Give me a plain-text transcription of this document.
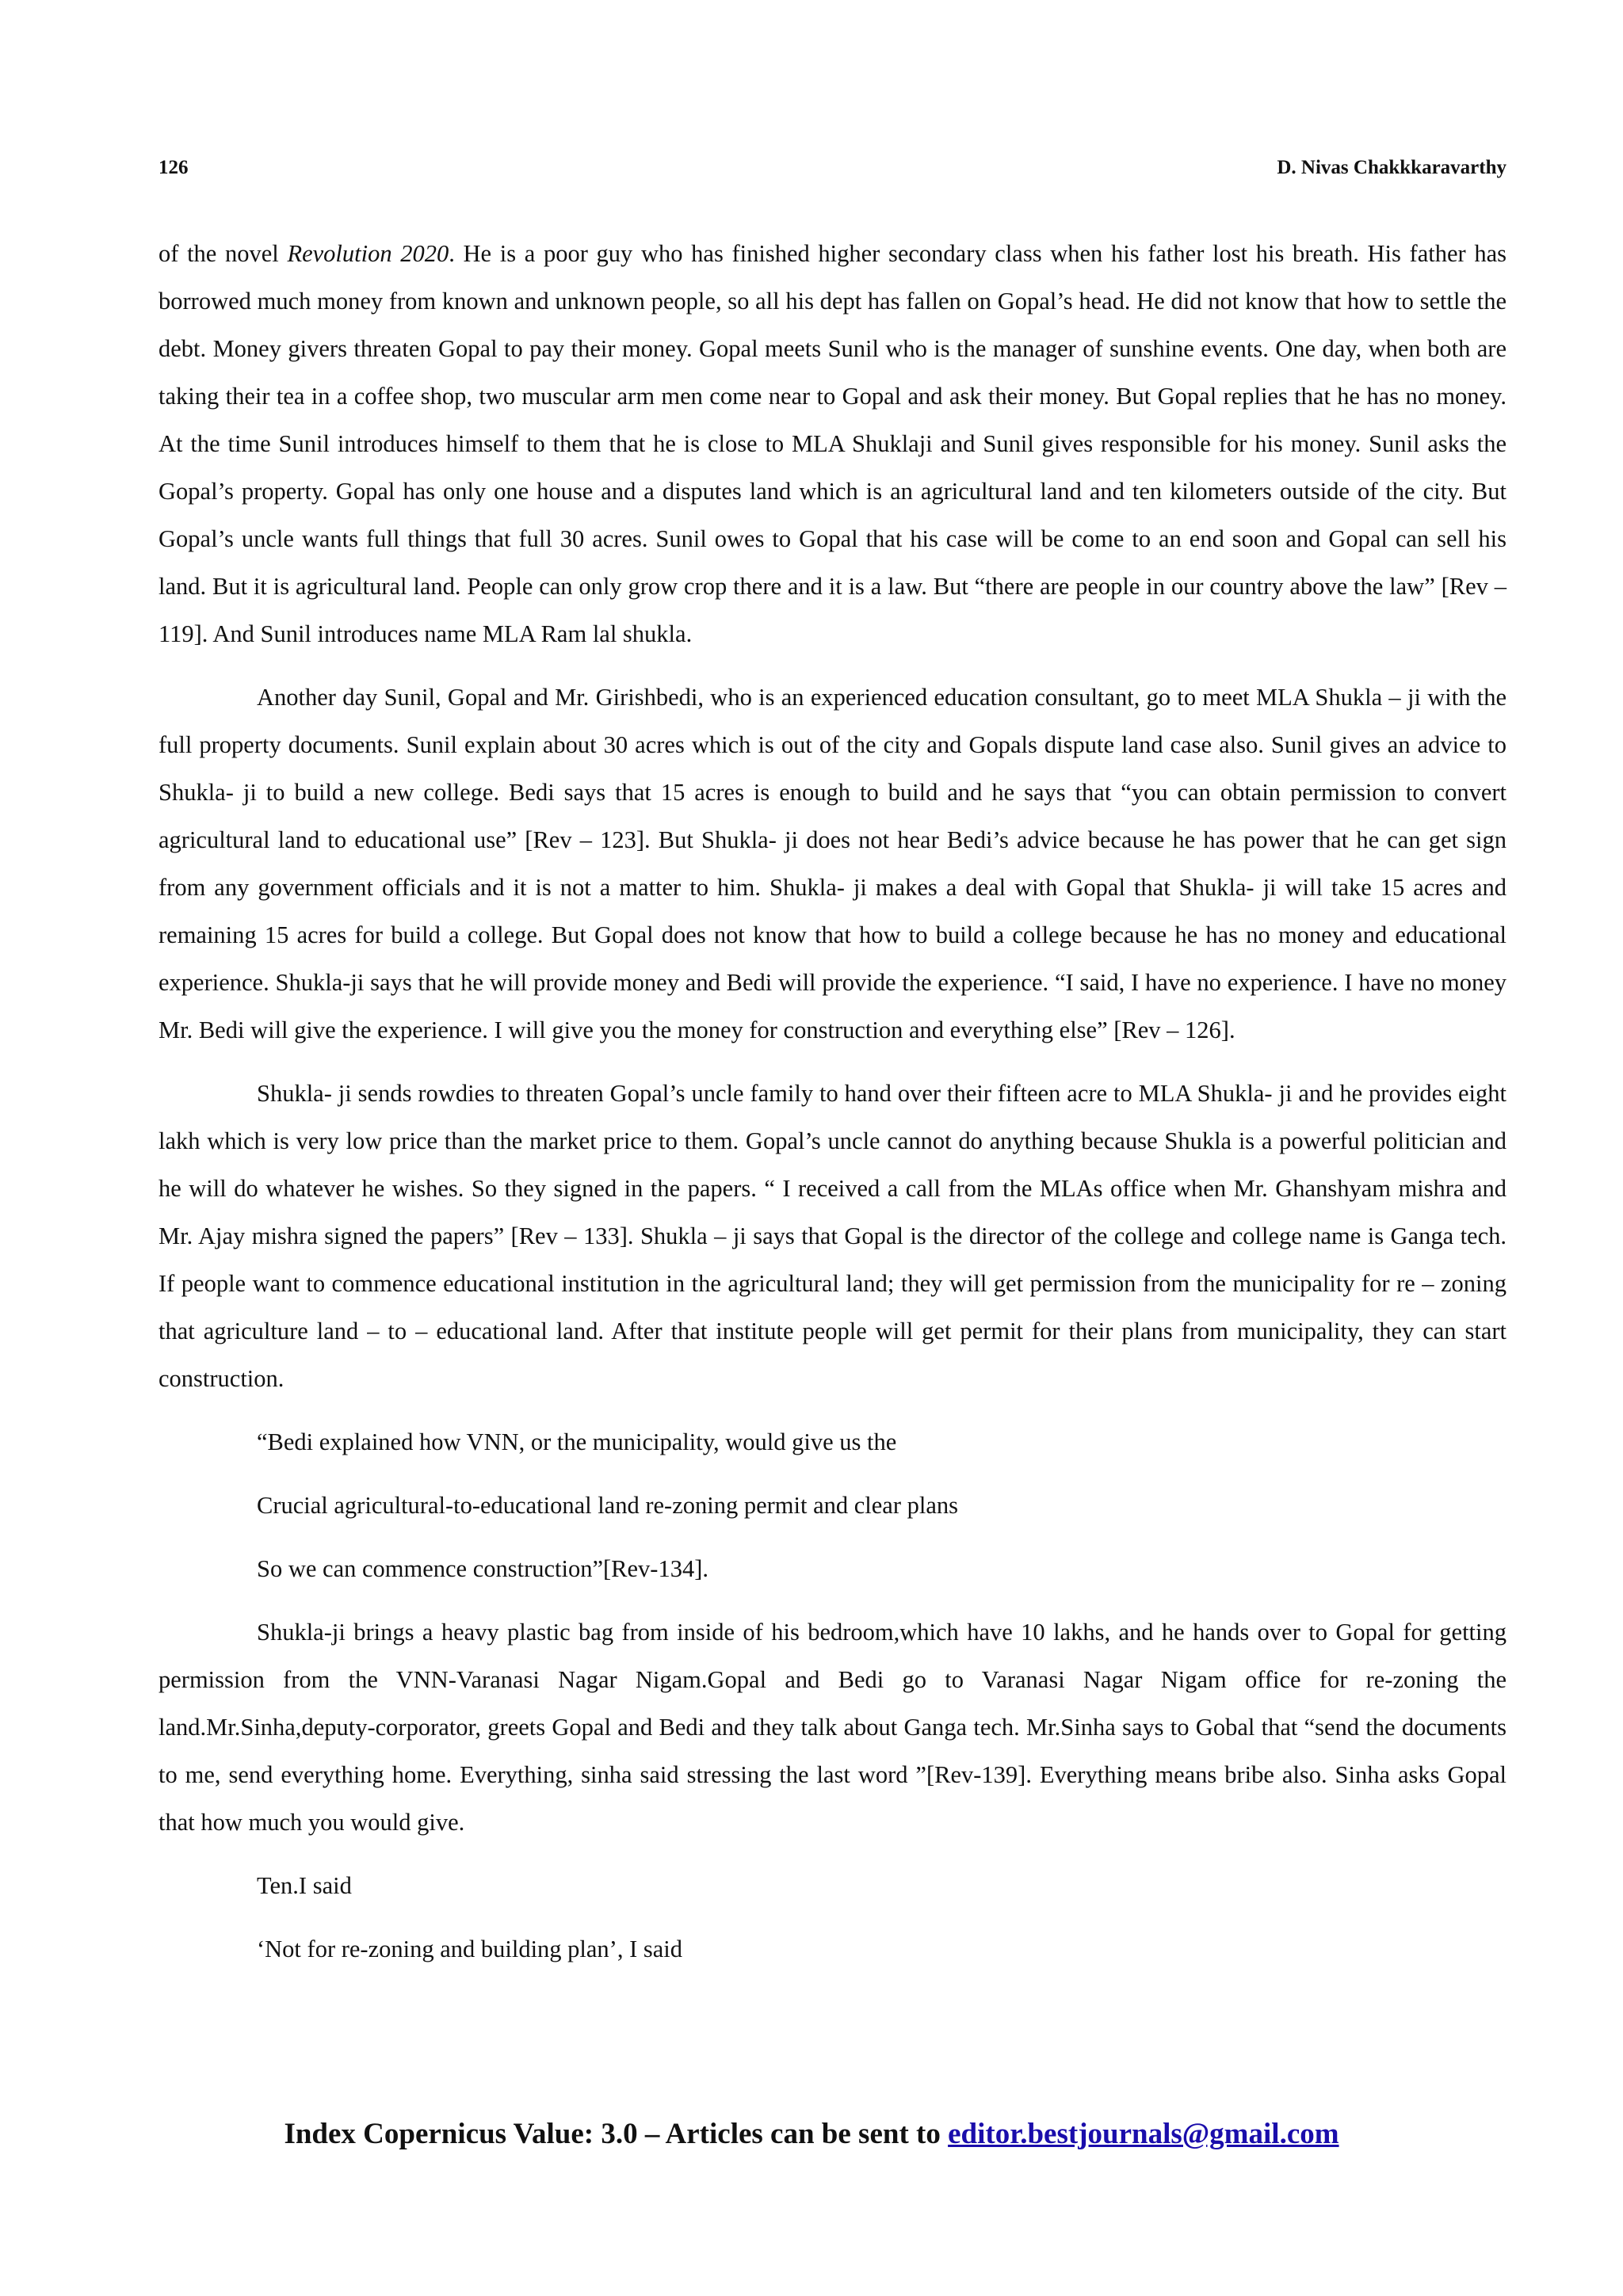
126	D. Nivas Chakkkaravarthy

of the novel Revolution 2020. He is a poor guy who has finished higher secondary class when his father lost his breath. His father has borrowed much money from known and unknown people, so all his dept has fallen on Gopal’s head. He did not know that how to settle the debt. Money givers threaten Gopal to pay their money. Gopal meets Sunil who is the manager of sunshine events. One day, when both are taking their tea in a coffee shop, two muscular arm men come near to Gopal and ask their money. But Gopal replies that he has no money. At the time Sunil introduces himself to them that he is close to MLA Shuklaji and Sunil gives responsible for his money. Sunil asks the Gopal’s property. Gopal has only one house and a disputes land which is an agricultural land and ten kilometers outside of the city. But Gopal’s uncle wants full things that full 30 acres. Sunil owes to Gopal that his case will be come to an end soon and Gopal can sell his land. But it is agricultural land. People can only grow crop there and it is a law. But “there are people in our country above the law” [Rev – 119]. And Sunil introduces name MLA Ram lal shukla.

Another day Sunil, Gopal and Mr. Girishbedi, who is an experienced education consultant, go to meet MLA Shukla – ji with the full property documents. Sunil explain about 30 acres which is out of the city and Gopals dispute land case also. Sunil gives an advice to Shukla- ji to build a new college. Bedi says that 15 acres is enough to build and he says that “you can obtain permission to convert agricultural land to educational use” [Rev – 123]. But Shukla- ji does not hear Bedi’s advice because he has power that he can get sign from any government officials and it is not a matter to him. Shukla- ji makes a deal with Gopal that Shukla- ji will take 15 acres and remaining 15 acres for build a college. But Gopal does not know that how to build a college because he has no money and educational experience. Shukla-ji says that he will provide money and Bedi will provide the experience. “I said, I have no experience. I have no money Mr. Bedi will give the experience. I will give you the money for construction and everything else” [Rev – 126].

Shukla- ji sends rowdies to threaten Gopal’s uncle family to hand over their fifteen acre to MLA Shukla- ji and he provides eight lakh which is very low price than the market price to them. Gopal’s uncle cannot do anything because Shukla is a powerful politician and he will do whatever he wishes. So they signed in the papers. “ I received a call from the MLAs office when Mr. Ghanshyam mishra and Mr. Ajay mishra signed the papers” [Rev – 133]. Shukla – ji says that Gopal is the director of the college and college name is Ganga tech. If people want to commence educational institution in the agricultural land; they will get permission from the municipality for re – zoning that agriculture land – to – educational land. After that institute people will get permit for their plans from municipality, they can start construction.

“Bedi explained how VNN, or the municipality, would give us the

Crucial agricultural-to-educational land re-zoning permit and clear plans

So we can commence construction”[Rev-134].

Shukla-ji brings a heavy plastic bag from inside of his bedroom,which have 10 lakhs, and he hands over to Gopal for getting permission from the VNN-Varanasi Nagar Nigam.Gopal and Bedi go to Varanasi Nagar Nigam office for re-zoning the land.Mr.Sinha,deputy-corporator, greets Gopal and Bedi and they talk about Ganga tech. Mr.Sinha says to Gobal that “send the documents to me, send everything home. Everything, sinha said stressing the last word ”[Rev-139]. Everything means bribe also. Sinha asks Gopal that how much you would give.

Ten.I said

‘Not for re-zoning and building plan’, I said

Index Copernicus Value: 3.0 – Articles can be sent to editor.bestjournals@gmail.com
